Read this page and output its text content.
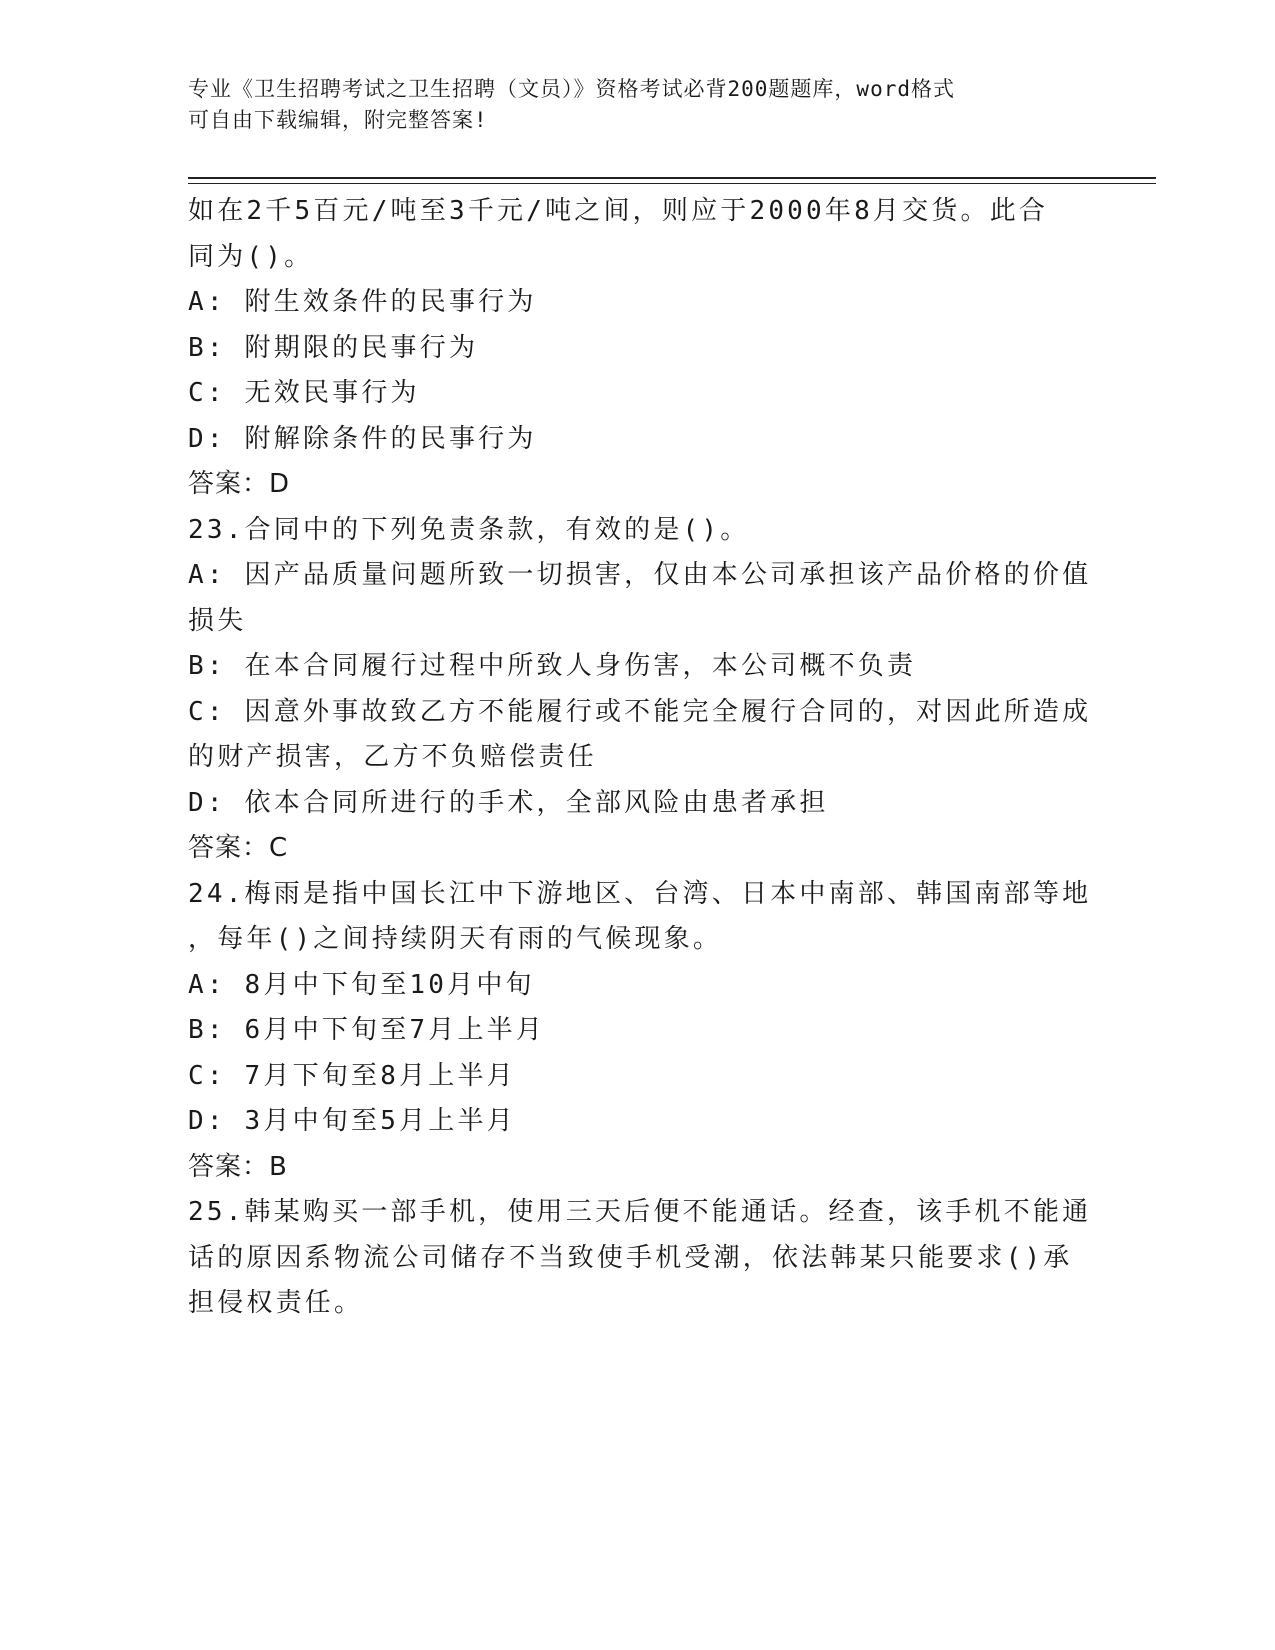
专业《卫生招聘考试之卫生招聘（文员）》资格考试必背200题题库，word格式
可自由下载编辑，附完整答案!
如在2千5百元/吨至3千元/吨之间，则应于2000年8月交货。此合
同为()。
A: 附生效条件的民事行为
B: 附期限的民事行为
C: 无效民事行为
D: 附解除条件的民事行为
答案：D
23.合同中的下列免责条款，有效的是()。
A: 因产品质量问题所致一切损害，仅由本公司承担该产品价格的价值
损失
B: 在本合同履行过程中所致人身伤害，本公司概不负责
C: 因意外事故致乙方不能履行或不能完全履行合同的，对因此所造成
的财产损害，乙方不负赔偿责任
D: 依本合同所进行的手术，全部风险由患者承担
答案：C
24.梅雨是指中国长江中下游地区、台湾、日本中南部、韩国南部等地
，每年()之间持续阴天有雨的气候现象。
A: 8月中下旬至10月中旬
B: 6月中下旬至7月上半月
C: 7月下旬至8月上半月
D: 3月中旬至5月上半月
答案：B
25.韩某购买一部手机，使用三天后便不能通话。经查，该手机不能通
话的原因系物流公司储存不当致使手机受潮，依法韩某只能要求()承
担侵权责任。
